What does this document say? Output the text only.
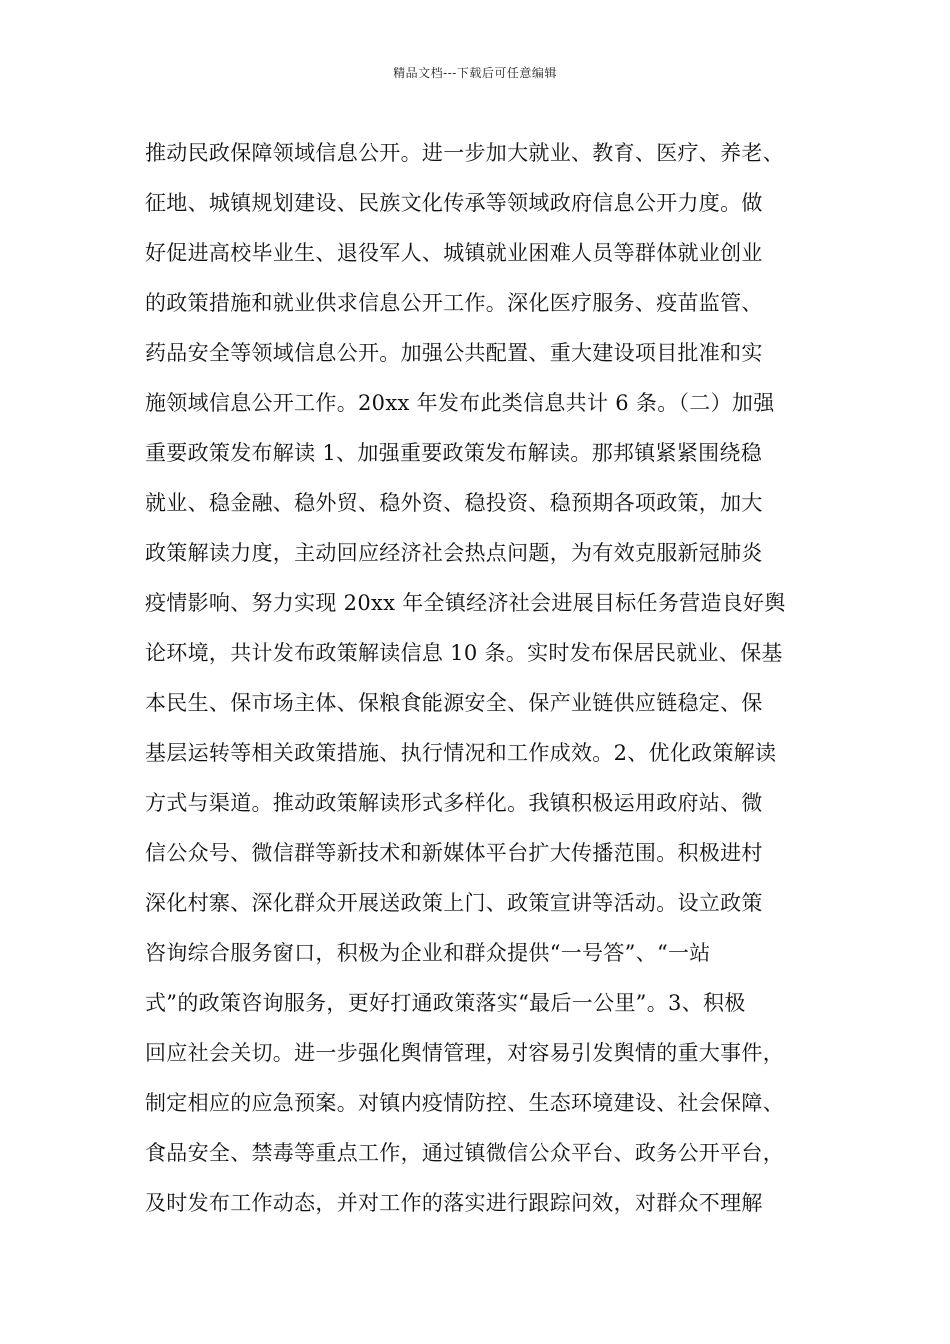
精品文档---下载后可任意编辑
推动民政保障领域信息公开。进一步加大就业、教育、医疗、养老、
征地、城镇规划建设、民族文化传承等领域政府信息公开力度。做
好促进高校毕业生、退役军人、城镇就业困难人员等群体就业创业
的政策措施和就业供求信息公开工作。深化医疗服务、疫苗监管、
药品安全等领域信息公开。加强公共配置、重大建设项目批准和实
施领域信息公开工作。20xx 年发布此类信息共计 6 条。（二）加强
重要政策发布解读 1、加强重要政策发布解读。那邦镇紧紧围绕稳
就业、稳金融、稳外贸、稳外资、稳投资、稳预期各项政策，加大
政策解读力度，主动回应经济社会热点问题，为有效克服新冠肺炎
疫情影响、努力实现 20xx 年全镇经济社会进展目标任务营造良好舆
论环境，共计发布政策解读信息 10 条。实时发布保居民就业、保基
本民生、保市场主体、保粮食能源安全、保产业链供应链稳定、保
基层运转等相关政策措施、执行情况和工作成效。2、优化政策解读
方式与渠道。推动政策解读形式多样化。我镇积极运用政府站、微
信公众号、微信群等新技术和新媒体平台扩大传播范围。积极进村
深化村寨、深化群众开展送政策上门、政策宣讲等活动。设立政策
咨询综合服务窗口，积极为企业和群众提供“一号答”、“一站
式”的政策咨询服务，更好打通政策落实“最后一公里”。3、积极
回应社会关切。进一步强化舆情管理，对容易引发舆情的重大事件，
制定相应的应急预案。对镇内疫情防控、生态环境建设、社会保障、
食品安全、禁毒等重点工作，通过镇微信公众平台、政务公开平台，
及时发布工作动态，并对工作的落实进行跟踪问效，对群众不理解
